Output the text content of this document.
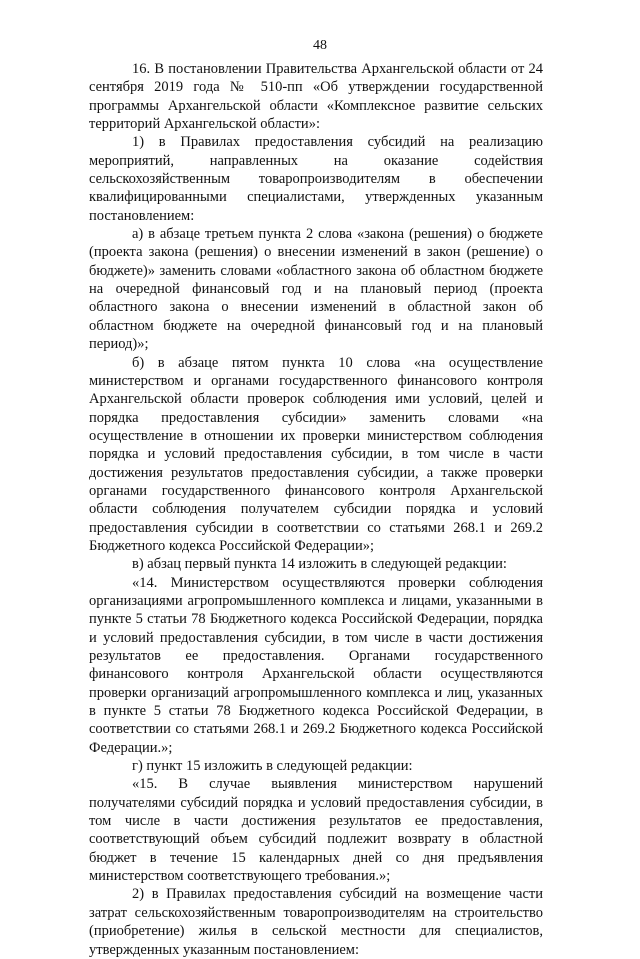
48

16. В постановлении Правительства Архангельской области от 24 сентября 2019 года № 510-пп «Об утверждении государственной программы Архангельской области «Комплексное развитие сельских территорий Архангельской области»:

1) в Правилах предоставления субсидий на реализацию мероприятий, направленных на оказание содействия сельскохозяйственным товаропроизводителям в обеспечении квалифицированными специалистами, утвержденных указанным постановлением:

а) в абзаце третьем пункта 2 слова «закона (решения) о бюджете (проекта закона (решения) о внесении изменений в закон (решение) о бюджете)» заменить словами «областного закона об областном бюджете на очередной финансовый год и на плановый период (проекта областного закона о внесении изменений в областной закон об областном бюджете на очередной финансовый год и на плановый период)»;

б) в абзаце пятом пункта 10 слова «на осуществление министерством и органами государственного финансового контроля Архангельской области проверок соблюдения ими условий, целей и порядка предоставления субсидии» заменить словами «на осуществление в отношении их проверки министерством соблюдения порядка и условий предоставления субсидии, в том числе в части достижения результатов предоставления субсидии, а также проверки органами государственного финансового контроля Архангельской области соблюдения получателем субсидии порядка и условий предоставления субсидии в соответствии со статьями 268.1 и 269.2 Бюджетного кодекса Российской Федерации»;

в) абзац первый пункта 14 изложить в следующей редакции:

«14. Министерством осуществляются проверки соблюдения организациями агропромышленного комплекса и лицами, указанными в пункте 5 статьи 78 Бюджетного кодекса Российской Федерации, порядка и условий предоставления субсидии, в том числе в части достижения результатов ее предоставления. Органами государственного финансового контроля Архангельской области осуществляются проверки организаций агропромышленного комплекса и лиц, указанных в пункте 5 статьи 78 Бюджетного кодекса Российской Федерации, в соответствии со статьями 268.1 и 269.2 Бюджетного кодекса Российской Федерации.»;

г) пункт 15 изложить в следующей редакции:

«15. В случае выявления министерством нарушений получателями субсидий порядка и условий предоставления субсидии, в том числе в части достижения результатов ее предоставления, соответствующий объем субсидий подлежит возврату в областной бюджет в течение 15 календарных дней со дня предъявления министерством соответствующего требования.»;

2) в Правилах предоставления субсидий на возмещение части затрат сельскохозяйственным товаропроизводителям на строительство (приобретение) жилья в сельской местности для специалистов, утвержденных указанным постановлением:
